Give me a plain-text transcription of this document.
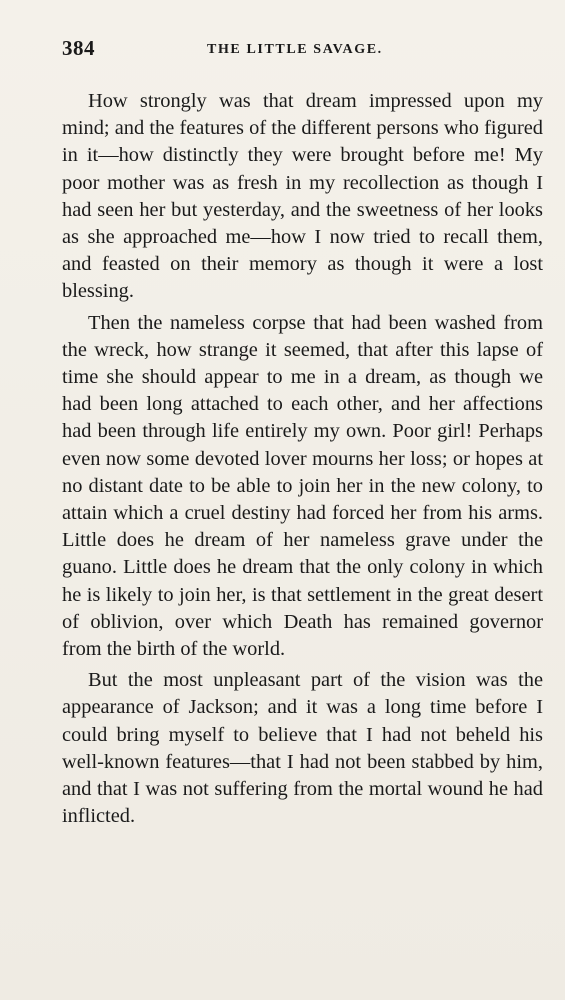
384	THE LITTLE SAVAGE.

How strongly was that dream impressed upon my mind; and the features of the different persons who figured in it—how distinctly they were brought before me! My poor mother was as fresh in my recollection as though I had seen her but yesterday, and the sweetness of her looks as she approached me—how I now tried to recall them, and feasted on their memory as though it were a lost blessing.

Then the nameless corpse that had been washed from the wreck, how strange it seemed, that after this lapse of time she should appear to me in a dream, as though we had been long attached to each other, and her affections had been through life entirely my own. Poor girl! Perhaps even now some devoted lover mourns her loss; or hopes at no distant date to be able to join her in the new colony, to attain which a cruel destiny had forced her from his arms. Little does he dream of her nameless grave under the guano. Little does he dream that the only colony in which he is likely to join her, is that settlement in the great desert of oblivion, over which Death has remained governor from the birth of the world.

But the most unpleasant part of the vision was the appearance of Jackson; and it was a long time before I could bring myself to believe that I had not beheld his well-known features—that I had not been stabbed by him, and that I was not suffering from the mortal wound he had inflicted.
